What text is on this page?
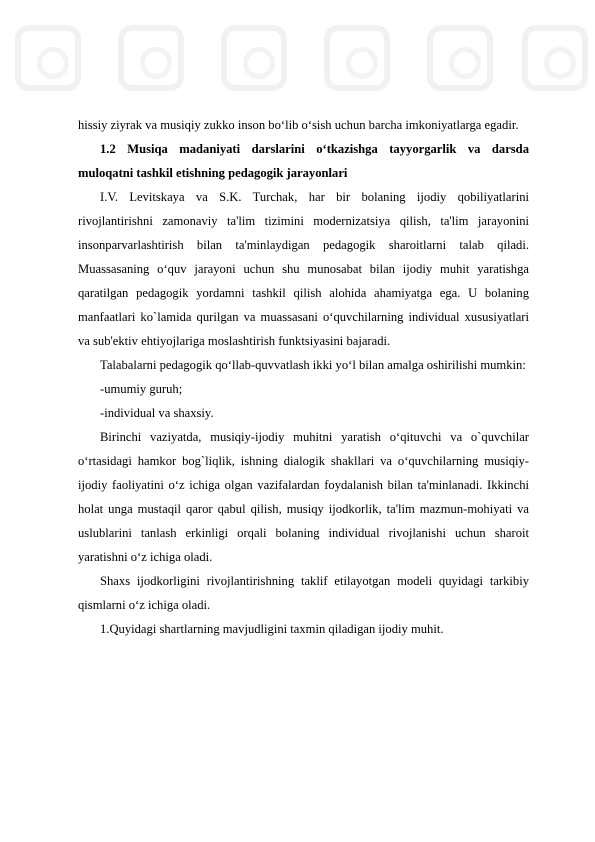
hissiy ziyrak va musiqiy zukko inson bo‘lib o‘sish uchun barcha imkoniyatlarga egadir.

1.2 Musiqa madaniyati darslarini o‘tkazishga tayyorgarlik va darsda muloqatni tashkil etishning pedagogik jarayonlari

I.V. Levitskaya va S.K. Turchak, har bir bolaning ijodiy qobiliyatlarini rivojlantirishni zamonaviy ta'lim tizimini modernizatsiya qilish, ta'lim jarayonini insonparvarlashtirish bilan ta'minlaydigan pedagogik sharoitlarni talab qiladi. Muassasaning o‘quv jarayoni uchun shu munosabat bilan ijodiy muhit yaratishga qaratilgan pedagogik yordamni tashkil qilish alohida ahamiyatga ega. U bolaning manfaatlari ko`lamida qurilgan va muassasani o‘quvchilarning individual xususiyatlari va sub'ektiv ehtiyojlariga moslashtirish funktsiyasini bajaradi.

Talabalarni pedagogik qo‘llab-quvvatlash ikki yo‘l bilan amalga oshirilishi mumkin:

-umumiy guruh;

-individual va shaxsiy.

Birinchi vaziyatda, musiqiy-ijodiy muhitni yaratish o‘qituvchi va o`quvchilar o‘rtasidagi hamkor bog`liqlik, ishning dialogik shakllari va o‘quvchilarning musiqiy-ijodiy faoliyatini o‘z ichiga olgan vazifalardan foydalanish bilan ta'minlanadi. Ikkinchi holat unga mustaqil qaror qabul qilish, musiqy ijodkorlik, ta'lim mazmun-mohiyati va uslublarini tanlash erkinligi orqali bolaning individual rivojlanishi uchun sharoit yaratishni o‘z ichiga oladi.

Shaxs ijodkorligini rivojlantirishning taklif etilayotgan modeli quyidagi tarkibiy qismlarni o‘z ichiga oladi.

1.Quyidagi shartlarning mavjudligini taxmin qiladigan ijodiy muhit.
